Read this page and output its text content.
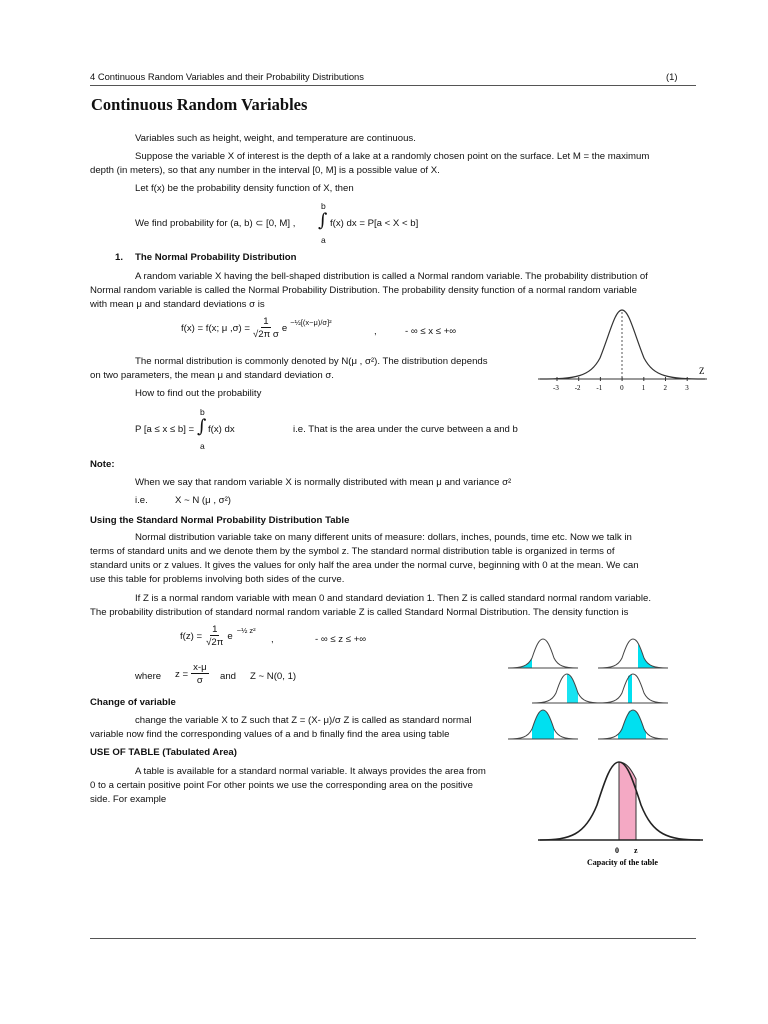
4 Continuous Random Variables and their Probability Distributions	(1)
Continuous Random Variables
Variables such as height, weight, and temperature are continuous.
Suppose the variable X of interest is the depth of a lake at a randomly chosen point on the surface. Let M = the maximum
depth (in meters), so that any number in the interval [0, M] is a possible value of X.
Let f(x) be the probability density function of X, then
b
We find probability for (a, b) ⊂ [0, M] , ∫ f(x) dx = P[a < X < b]
a
1. The Normal Probability Distribution
A random variable X having the bell-shaped distribution is called a Normal random variable. The probability distribution of
Normal random variable is called the Normal Probability Distribution. The probability density function of a normal random variable
with mean μ and standard deviations σ is
f(x) = f(x; μ $,\sigma) = \frac{1}{\text{√2π σ}}$ e
−½[(x−μ)/σ]²
,	- ∞ ≤ x ≤ +∞
The normal distribution is commonly denoted by N(μ , σ²). The distribution depends
on two parameters, the mean μ and standard deviation σ.
How to find out the probability
b
P [a ≤ x ≤ b] = ∫ f(x) dx	i.e. That is the area under the curve between a and b
a
-3 -2 -1	0	1	2	3
Z
Note:
When we say that random variable X is normally distributed with mean μ and variance σ²
i.e.	X ~ N (μ , σ²)
Using the Standard Normal Probability Distribution Table
Normal distribution variable take on many different units of measure: dollars, inches, pounds, time etc. Now we talk in
terms of standard units and we denote them by the symbol z. The standard normal distribution table is organized in terms of
standard units or z values. It gives the values for only half the area under the normal curve, beginning with 0 at the mean. We can
use this table for problems involving both sides of the curve.
If Z is a normal random variable with mean 0 and standard deviation 1. Then Z is called standard normal random variable.
The probability distribution of standard normal random variable Z is called Standard Normal Distribution. The density function is
$f(z) = \frac{1}{√2\pi}$ e
−½ z²
,	- ∞ ≤ z ≤ +∞
where $z = \frac{x-\mu}{\sigma}$ and Z ~ N(0, 1)
Change of variable
change the variable X to Z such that Z = (X- μ)/σ Z is called as standard normal
variable now find the corresponding values of a and b finally find the area using table
USE OF TABLE (Tabulated Area)
A table is available for a standard normal variable. It always provides the area from
0 to a certain positive point For other points we use the corresponding area on the positive
side. For example
0 z
Capacity of the table
